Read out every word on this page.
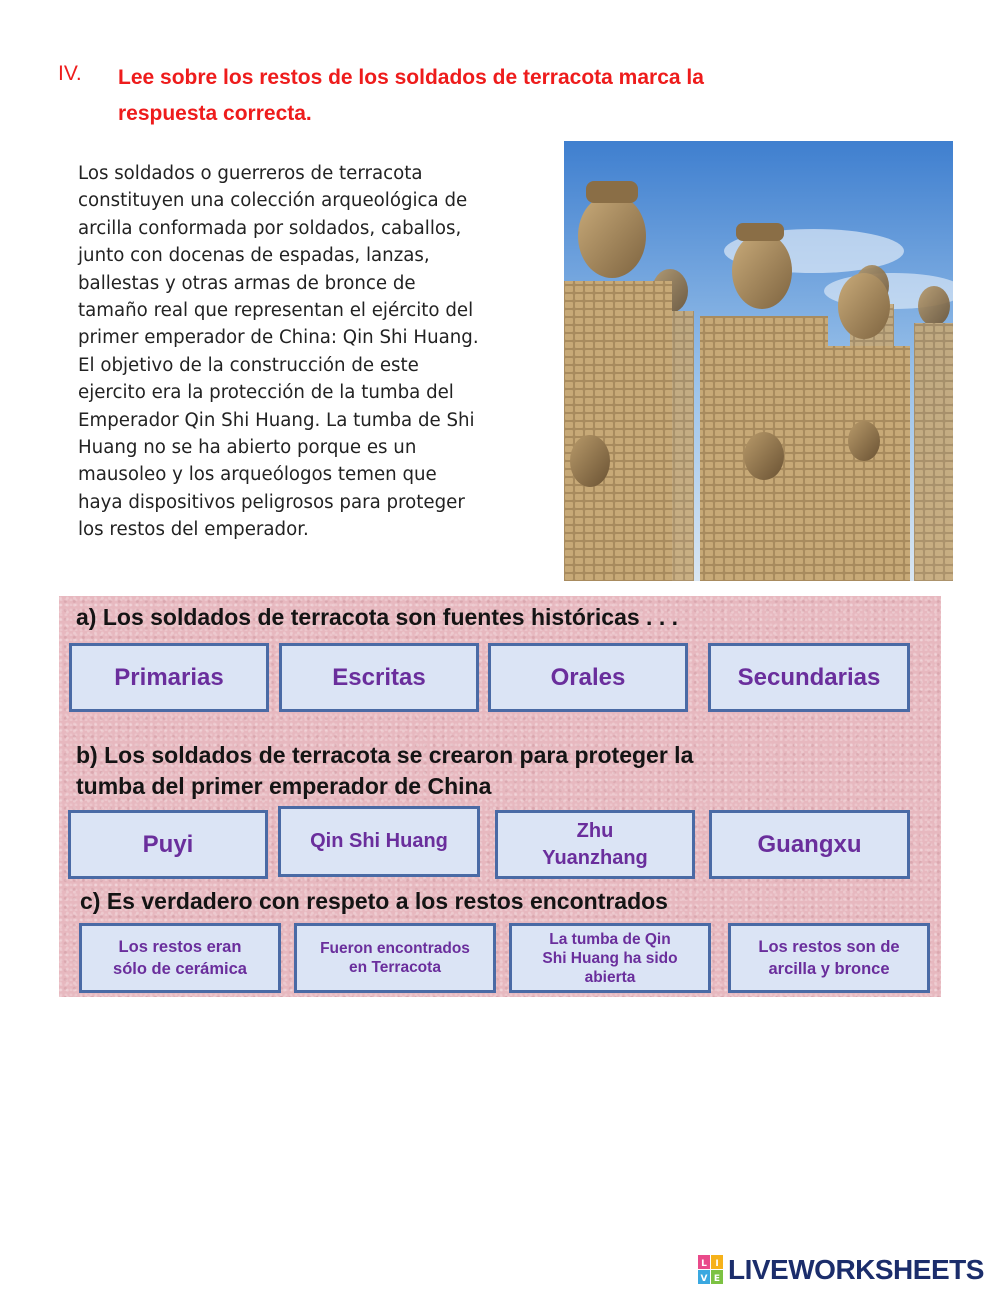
IV. Lee sobre los restos de los soldados de terracota marca la
respuesta correcta.
Los soldados o guerreros de terracota
constituyen una colección arqueológica de
arcilla conformada por soldados, caballos,
junto con docenas de espadas, lanzas,
ballestas y otras armas de bronce de
tamaño real que representan el ejército del
primer emperador de China: Qin Shi Huang.
El objetivo de la construcción de este
ejercito era la protección de la tumba del
Emperador Qin Shi Huang. La tumba de Shi
Huang no se ha abierto porque es un
mausoleo y los arqueólogos temen que
haya dispositivos peligrosos para proteger
los restos del emperador.
a) Los soldados de terracota son fuentes históricas . . .
Primarias	Escritas	Orales	Secundarias
b) Los soldados de terracota se crearon para proteger la
tumba del primer emperador de China
Puyi	Qin Shi Huang	Zhu
Yuanzhang	Guangxu
c) Es verdadero con respeto a los restos encontrados
Los restos eran
sólo de cerámica
Fueron encontrados
en Terracota
La tumba de Qin
Shi Huang ha sido
abierta
Los restos son de
arcilla y bronce
L I
V E LIVEWORKSHEETS
